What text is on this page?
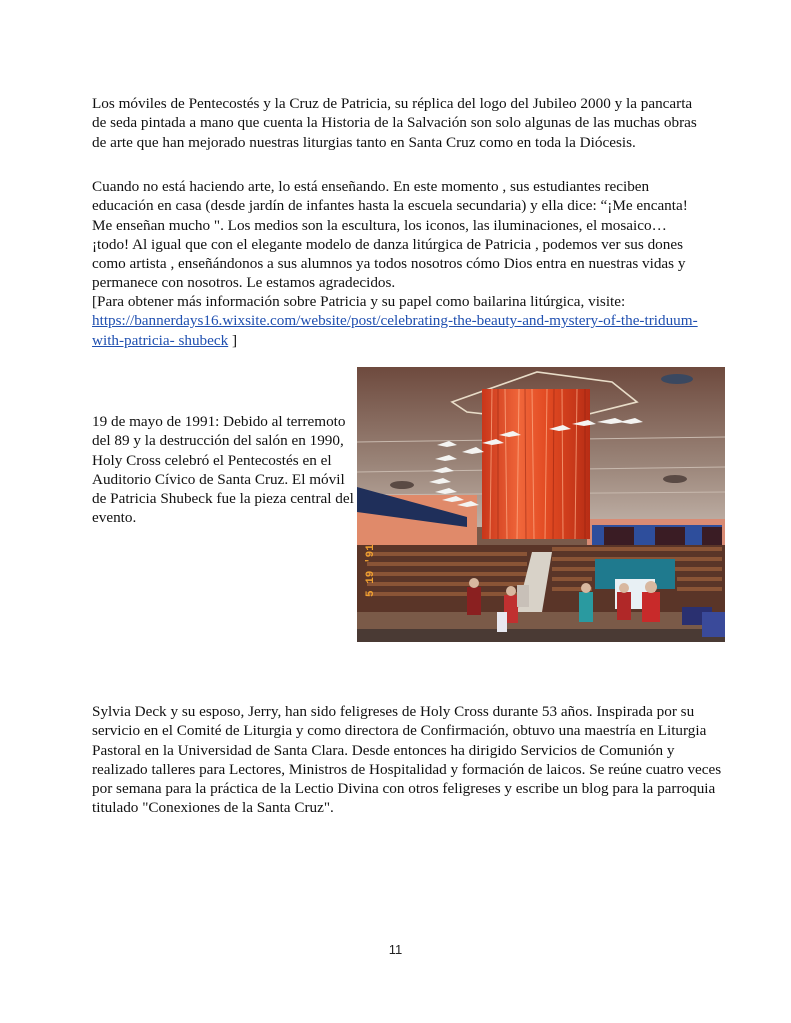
Los móviles de Pentecostés y la Cruz de Patricia, su réplica del logo del Jubileo 2000 y la pancarta de seda pintada a mano que cuenta la Historia de la Salvación son solo algunas de las muchas obras de arte que han mejorado nuestras liturgias tanto en Santa Cruz como en toda la Diócesis.

Cuando no está haciendo arte, lo está enseñando. En este momento , sus estudiantes reciben educación en casa (desde jardín de infantes hasta la escuela secundaria) y ella dice: “¡Me encanta! Me enseñan mucho ". Los medios son la escultura, los iconos, las iluminaciones, el mosaico… ¡todo! Al igual que con el elegante modelo de danza litúrgica de Patricia , podemos ver sus dones como artista , enseñándonos a sus alumnos ya todos nosotros cómo Dios entra en nuestras vidas y permanece con nosotros. Le estamos agradecidos.

[Para obtener más información sobre Patricia y su papel como bailarina litúrgica, visite: https://bannerdays16.wixsite.com/website/post/celebrating-the-beauty-and-mystery-of-the-triduum-with-patricia- shubeck ]

19 de mayo de 1991: Debido al terremoto del 89 y la destrucción del salón en 1990, Holy Cross celebró el Pentecostés en el Auditorio Cívico de Santa Cruz. El móvil de Patricia Shubeck fue la pieza central del evento.

5 19 '91

Sylvia Deck y su esposo, Jerry, han sido feligreses de Holy Cross durante 53 años. Inspirada por su servicio en el Comité de Liturgia y como directora de Confirmación, obtuvo una maestría en Liturgia Pastoral en la Universidad de Santa Clara. Desde entonces ha dirigido Servicios de Comunión y realizado talleres para Lectores, Ministros de Hospitalidad y formación de laicos. Se reúne cuatro veces por semana para la práctica de la Lectio Divina con otros feligreses y escribe un blog para la parroquia titulado "Conexiones de la Santa Cruz".

11
